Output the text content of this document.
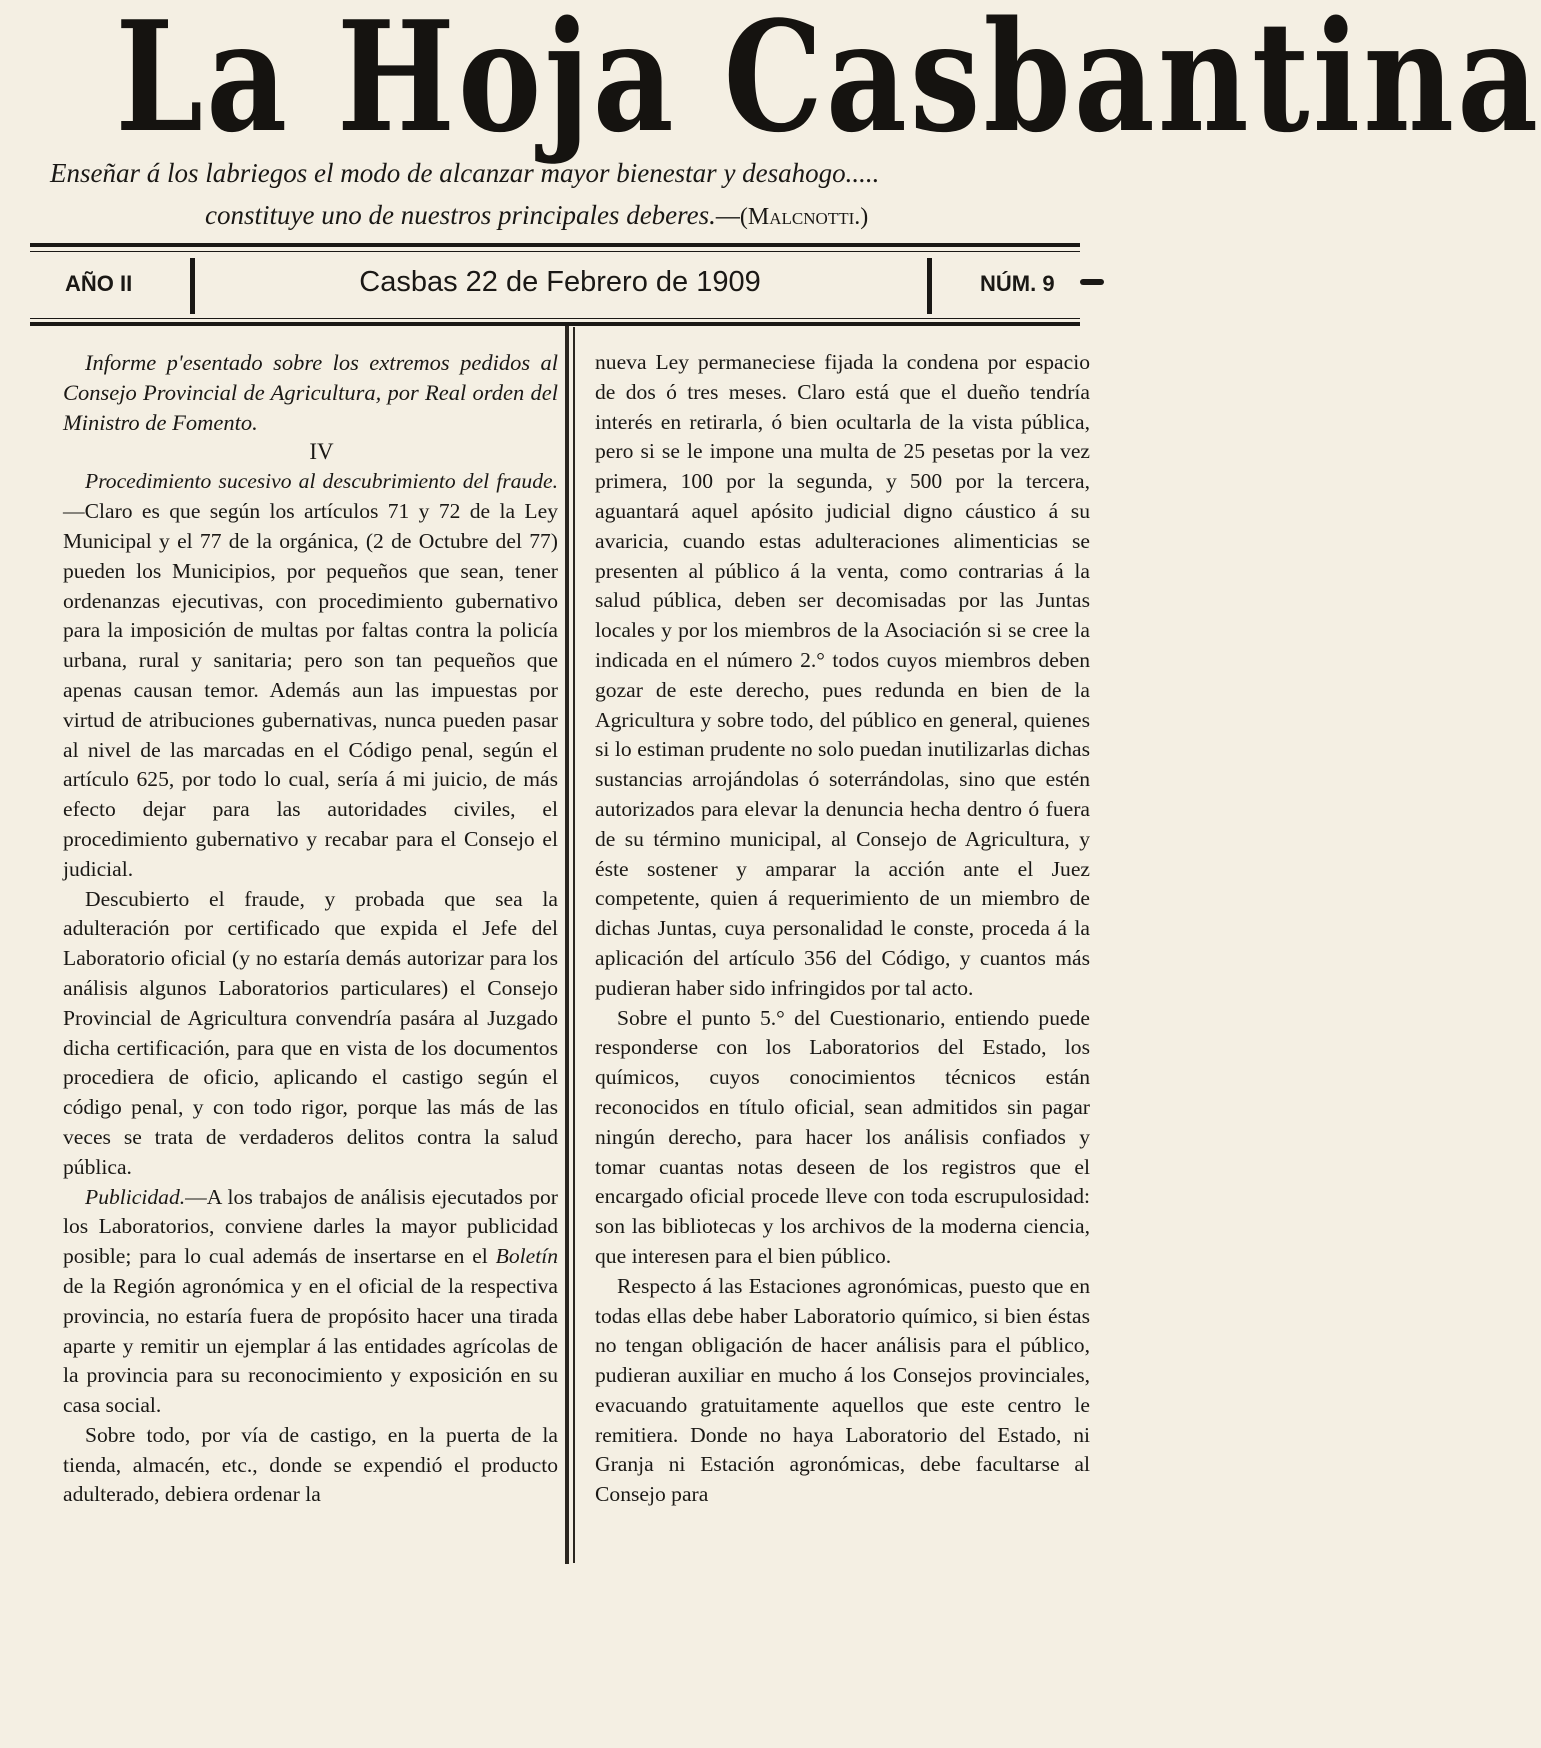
La Hoja Casbantina
Enseñar á los labriegos el modo de alcanzar mayor bienestar y desahogo.....
constituye uno de nuestros principales deberes.—(Malcnotti.)
AÑO II	Casbas 22 de Febrero de 1909	NÚM. 9

Informe p'esentado sobre los extremos pedidos al Consejo Provincial de Agricultura, por Real orden del Ministro de Fomento.

IV

Procedimiento sucesivo al descubrimiento del fraude.—Claro es que según los artículos 71 y 72 de la Ley Municipal y el 77 de la orgánica, (2 de Octubre del 77) pueden los Municipios, por pequeños que sean, tener ordenanzas ejecutivas, con procedimiento gubernativo para la imposición de multas por faltas contra la policía urbana, rural y sanitaria; pero son tan pequeños que apenas causan temor. Además aun las impuestas por virtud de atribuciones gubernativas, nunca pueden pasar al nivel de las marcadas en el Código penal, según el artículo 625, por todo lo cual, sería á mi juicio, de más efecto dejar para las autoridades civiles, el procedimiento gubernativo y recabar para el Consejo el judicial.

Descubierto el fraude, y probada que sea la adulteración por certificado que expida el Jefe del Laboratorio oficial (y no estaría demás autorizar para los análisis algunos Laboratorios particulares) el Consejo Provincial de Agricultura convendría pasára al Juzgado dicha certificación, para que en vista de los documentos procediera de oficio, aplicando el castigo según el código penal, y con todo rigor, porque las más de las veces se trata de verdaderos delitos contra la salud pública.

Publicidad.—A los trabajos de análisis ejecutados por los Laboratorios, conviene darles la mayor publicidad posible; para lo cual además de insertarse en el Boletín de la Región agronómica y en el oficial de la respectiva provincia, no estaría fuera de propósito hacer una tirada aparte y remitir un ejemplar á las entidades agrícolas de la provincia para su reconocimiento y exposición en su casa social.

Sobre todo, por vía de castigo, en la puerta de la tienda, almacén, etc., donde se expendió el producto adulterado, debiera ordenar la

nueva Ley permaneciese fijada la condena por espacio de dos ó tres meses. Claro está que el dueño tendría interés en retirarla, ó bien ocultarla de la vista pública, pero si se le impone una multa de 25 pesetas por la vez primera, 100 por la segunda, y 500 por la tercera, aguantará aquel apósito judicial digno cáustico á su avaricia, cuando estas adulteraciones alimenticias se presenten al público á la venta, como contrarias á la salud pública, deben ser decomisadas por las Juntas locales y por los miembros de la Asociación si se cree la indicada en el número 2.° todos cuyos miembros deben gozar de este derecho, pues redunda en bien de la Agricultura y sobre todo, del público en general, quienes si lo estiman prudente no solo puedan inutilizarlas dichas sustancias arrojándolas ó soterrándolas, sino que estén autorizados para elevar la denuncia hecha dentro ó fuera de su término municipal, al Consejo de Agricultura, y éste sostener y amparar la acción ante el Juez competente, quien á requerimiento de un miembro de dichas Juntas, cuya personalidad le conste, proceda á la aplicación del artículo 356 del Código, y cuantos más pudieran haber sido infringidos por tal acto.

Sobre el punto 5.° del Cuestionario, entiendo puede responderse con los Laboratorios del Estado, los químicos, cuyos conocimientos técnicos están reconocidos en título oficial, sean admitidos sin pagar ningún derecho, para hacer los análisis confiados y tomar cuantas notas deseen de los registros que el encargado oficial procede lleve con toda escrupulosidad: son las bibliotecas y los archivos de la moderna ciencia, que interesen para el bien público.

Respecto á las Estaciones agronómicas, puesto que en todas ellas debe haber Laboratorio químico, si bien éstas no tengan obligación de hacer análisis para el público, pudieran auxiliar en mucho á los Consejos provinciales, evacuando gratuitamente aquellos que este centro le remitiera. Donde no haya Laboratorio del Estado, ni Granja ni Estación agronómicas, debe facultarse al Consejo para
